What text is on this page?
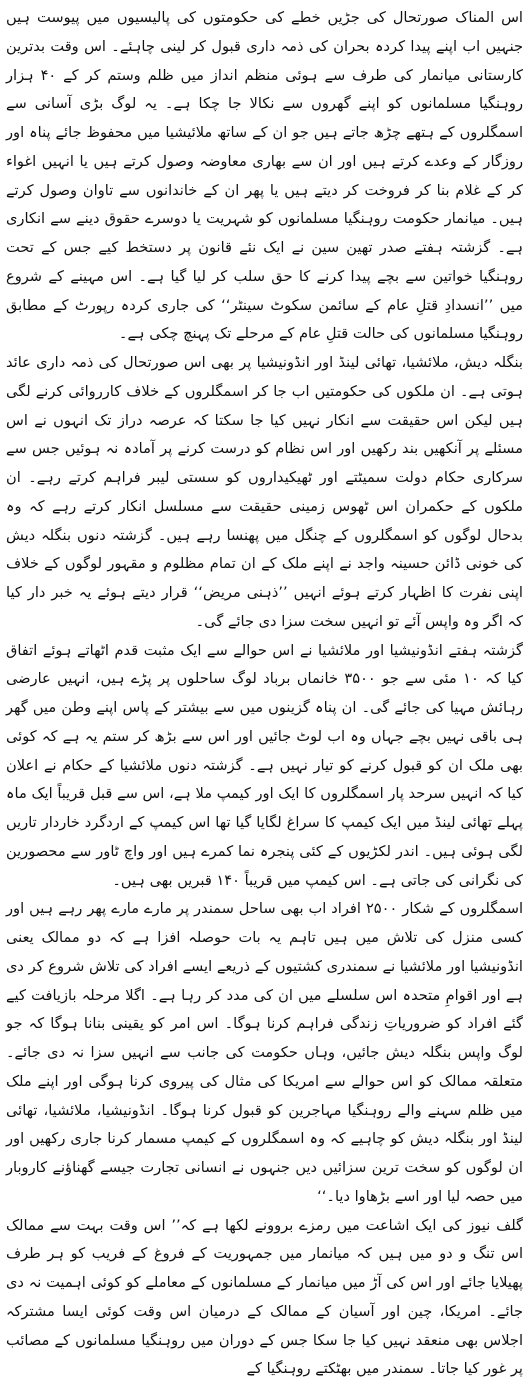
اس المناک صورتحال کی جڑیں خطے کی حکومتوں کی پالیسیوں میں پیوست ہیں جنہیں اب اپنے پیدا کردہ بحران کی ذمہ داری قبول کر لینی چاہئے۔ اس وقت بدترین کارستانی میانمار کی طرف سے ہوئی منظم انداز میں ظلم وستم کر کے ۴۰ ہزار روہنگیا مسلمانوں کو اپنے گھروں سے نکالا جا چکا ہے۔ یہ لوگ بڑی آسانی سے اسمگلروں کے ہتھے چڑھ جاتے ہیں جو ان کے ساتھ ملائیشیا میں محفوظ جائے پناہ اور روزگار کے وعدے کرتے ہیں اور ان سے بھاری معاوضہ وصول کرتے ہیں یا انہیں اغواء کر کے غلام بنا کر فروخت کر دیتے ہیں یا پھر ان کے خاندانوں سے تاوان وصول کرتے ہیں۔ میانمار حکومت روہنگیا مسلمانوں کو شہریت یا دوسرے حقوق دینے سے انکاری ہے۔ گزشتہ ہفتے صدر تھین سین نے ایک نئے قانون پر دستخط کیے جس کے تحت روہنگیا خواتین سے بچے پیدا کرنے کا حق سلب کر لیا گیا ہے۔ اس مہینے کے شروع میں ’’انسدادِ قتلِ عام کے سائمن سکوٹ سینٹر‘‘ کی جاری کردہ رپورٹ کے مطابق روہنگیا مسلمانوں کی حالت قتلِ عام کے مرحلے تک پہنچ چکی ہے۔

بنگلہ دیش، ملائشیا، تھائی لینڈ اور انڈونیشیا پر بھی اس صورتحال کی ذمہ داری عائد ہوتی ہے۔ ان ملکوں کی حکومتیں اب جا کر اسمگلروں کے خلاف کارروائی کرنے لگی ہیں لیکن اس حقیقت سے انکار نہیں کیا جا سکتا کہ عرصہ دراز تک انہوں نے اس مسئلے پر آنکھیں بند رکھیں اور اس نظام کو درست کرنے پر آمادہ نہ ہوئیں جس سے سرکاری حکام دولت سمیٹتے اور ٹھیکیداروں کو سستی لیبر فراہم کرتے رہے۔ ان ملکوں کے حکمران اس ٹھوس زمینی حقیقت سے مسلسل انکار کرتے رہے کہ وہ بدحال لوگوں کو اسمگلروں کے چنگل میں پھنسا رہے ہیں۔ گزشتہ دنوں بنگلہ دیش کی خونی ڈائن حسینہ واجد نے اپنے ملک کے ان تمام مظلوم و مقہور لوگوں کے خلاف اپنی نفرت کا اظہار کرتے ہوئے انہیں ’’ذہنی مریض‘‘ قرار دیتے ہوئے یہ خبر دار کیا کہ اگر وہ واپس آئے تو انہیں سخت سزا دی جائے گی۔

گزشتہ ہفتے انڈونیشیا اور ملائشیا نے اس حوالے سے ایک مثبت قدم اٹھاتے ہوئے اتفاق کیا کہ ۱۰ مئی سے جو ۳۵۰۰ خانماں برباد لوگ ساحلوں پر پڑے ہیں، انہیں عارضی رہائش مہیا کی جائے گی۔ ان پناہ گزینوں میں سے بیشتر کے پاس اپنے وطن میں گھر ہی باقی نہیں بچے جہاں وہ اب لوٹ جائیں اور اس سے بڑھ کر ستم یہ ہے کہ کوئی بھی ملک ان کو قبول کرنے کو تیار نہیں ہے۔ گزشتہ دنوں ملائشیا کے حکام نے اعلان کیا کہ انہیں سرحد پار اسمگلروں کا ایک اور کیمپ ملا ہے، اس سے قبل قریباً ایک ماہ پہلے تھائی لینڈ میں ایک کیمپ کا سراغ لگایا گیا تھا اس کیمپ کے اردگرد خاردار تاریں لگی ہوئی ہیں۔ اندر لکڑیوں کے کئی پنجرہ نما کمرے ہیں اور واچ ٹاور سے محصورین کی نگرانی کی جاتی ہے۔ اس کیمپ میں قریباً ۱۴۰ قبریں بھی ہیں۔

اسمگلروں کے شکار ۲۵۰۰ افراد اب بھی ساحل سمندر پر مارے مارے پھر رہے ہیں اور کسی منزل کی تلاش میں ہیں تاہم یہ بات حوصلہ افزا ہے کہ دو ممالک یعنی انڈونیشیا اور ملائشیا نے سمندری کشتیوں کے ذریعے ایسے افراد کی تلاش شروع کر دی ہے اور اقوامِ متحدہ اس سلسلے میں ان کی مدد کر رہا ہے۔ اگلا مرحلہ بازیافت کیے گئے افراد کو ضروریاتِ زندگی فراہم کرنا ہوگا۔ اس امر کو یقینی بنانا ہوگا کہ جو لوگ واپس بنگلہ دیش جائیں، وہاں حکومت کی جانب سے انہیں سزا نہ دی جائے۔ متعلقہ ممالک کو اس حوالے سے امریکا کی مثال کی پیروی کرنا ہوگی اور اپنے ملک میں ظلم سہنے والے روہنگیا مہاجرین کو قبول کرنا ہوگا۔ انڈونیشیا، ملائشیا، تھائی لینڈ اور بنگلہ دیش کو چاہیے کہ وہ اسمگلروں کے کیمپ مسمار کرنا جاری رکھیں اور ان لوگوں کو سخت ترین سزائیں دیں جنہوں نے انسانی تجارت جیسے گھناؤنے کاروبار میں حصہ لیا اور اسے بڑھاوا دیا۔‘‘

گلف نیوز کی ایک اشاعت میں رمزے بروونے لکھا ہے کہ’’ اس وقت بہت سے ممالک اس تنگ و دو میں ہیں کہ میانمار میں جمہوریت کے فروغ کے فریب کو ہر طرف پھیلایا جائے اور اس کی آڑ میں میانمار کے مسلمانوں کے معاملے کو کوئی اہمیت نہ دی جائے۔ امریکا، چین اور آسیان کے ممالک کے درمیان اس وقت کوئی ایسا مشترکہ اجلاس بھی منعقد نہیں کیا جا سکا جس کے دوران میں روہنگیا مسلمانوں کے مصائب پر غور کیا جاتا۔ سمندر میں بھٹکتے روہنگیا کے
